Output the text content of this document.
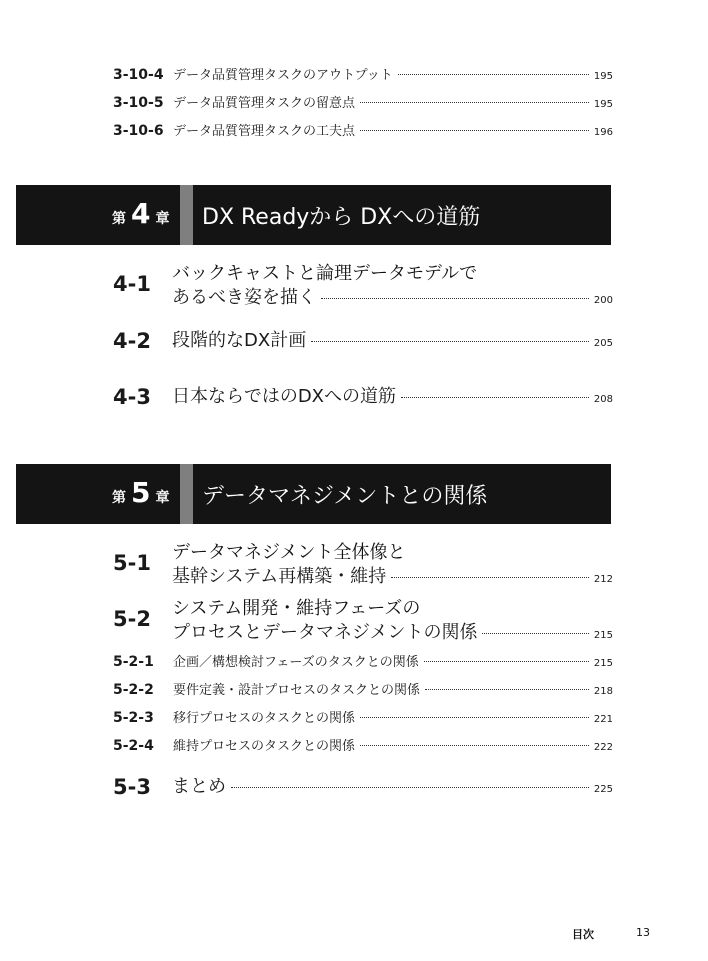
3-10-4 データ品質管理タスクのアウトプット	195
3-10-5 データ品質管理タスクの留意点	195
3-10-6 データ品質管理タスクの工夫点	196
第 4 章 DX Readyから DXへの道筋
4-1 バックキャストと論理データモデルで
あるべき姿を描く	200
4-2 段階的なDX計画	205
4-3 日本ならではのDXへの道筋	208
第 5 章 データマネジメントとの関係
5-1 データマネジメント全体像と
基幹システム再構築・維持	212
5-2 システム開発・維持フェーズの
プロセスとデータマネジメントの関係	215
5-2-1	企画／構想検討フェーズのタスクとの関係	215
5-2-2	要件定義・設計プロセスのタスクとの関係	218
5-2-3	移行プロセスのタスクとの関係	221
5-2-4	維持プロセスのタスクとの関係	222
5-3 まとめ	225
目次	13
